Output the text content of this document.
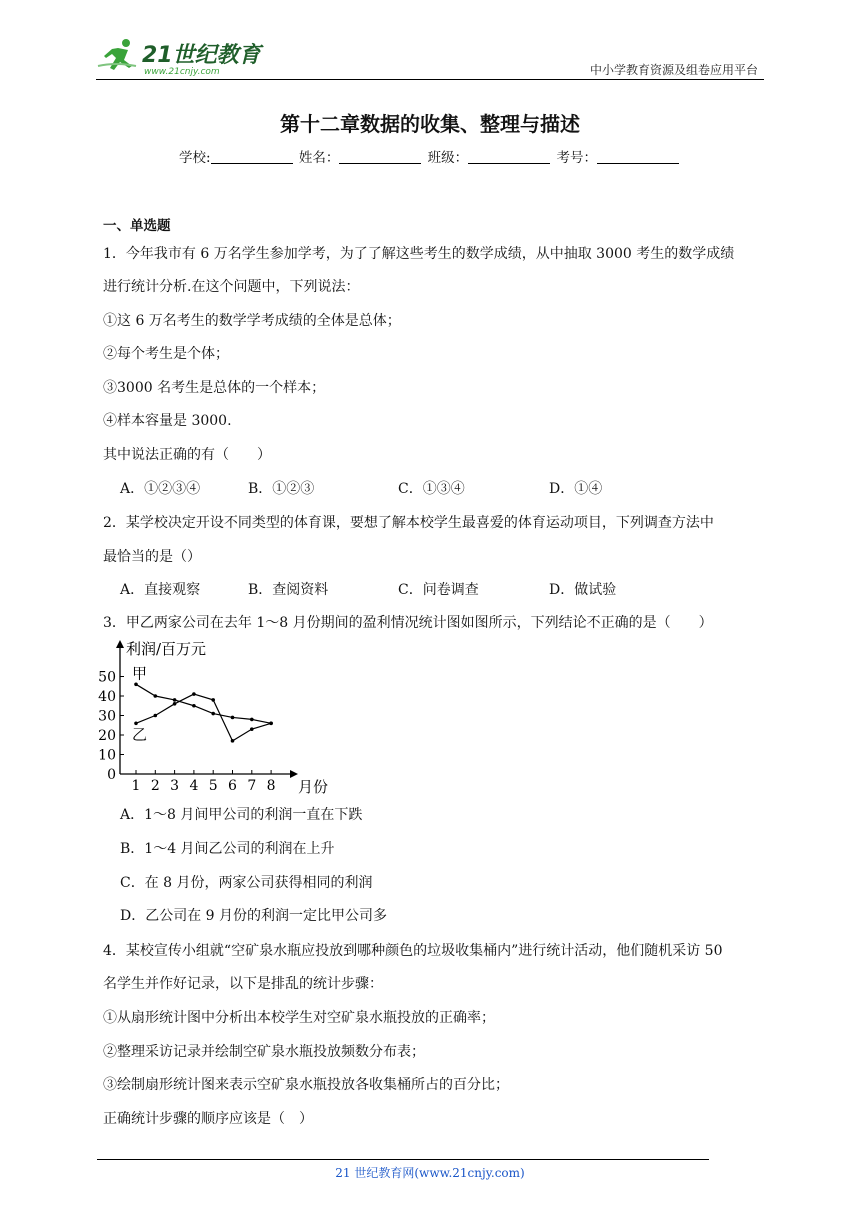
21世纪教育
www.21cnjy.com	中小学教育资源及组卷应用平台
第十二章数据的收集、整理与描述
学校:	姓名：	班级：	考号：
一、单选题
1．今年我市有 6 万名学生参加学考，为了了解这些考生的数学成绩，从中抽取 3000 考生的数学成绩
进行统计分析.在这个问题中，下列说法：
①这 6 万名考生的数学学考成绩的全体是总体；
②每个考生是个体；
③3000 名考生是总体的一个样本；
④样本容量是 3000.
其中说法正确的有（　　）
A．①②③④	B．①②③	C．①③④	D．①④
2．某学校决定开设不同类型的体育课，要想了解本校学生最喜爱的体育运动项目，下列调查方法中
最恰当的是（）
A．直接观察	B．查阅资料	C．问卷调查	D．做试验
3．甲乙两家公司在去年 1～8 月份期间的盈利情况统计图如图所示，下列结论不正确的是（　　）
0
10
20
30
40
50
1 2 3 4 5 6 7 8
甲
乙
利润/百万元
月份
A．1～8 月间甲公司的利润一直在下跌
B．1～4 月间乙公司的利润在上升
C．在 8 月份，两家公司获得相同的利润
D．乙公司在 9 月份的利润一定比甲公司多
4．某校宣传小组就“空矿泉水瓶应投放到哪种颜色的垃圾收集桶内”进行统计活动，他们随机采访 50
名学生并作好记录，以下是排乱的统计步骤：
①从扇形统计图中分析出本校学生对空矿泉水瓶投放的正确率；
②整理采访记录并绘制空矿泉水瓶投放频数分布表；
③绘制扇形统计图来表示空矿泉水瓶投放各收集桶所占的百分比；
正确统计步骤的顺序应该是（　）
21 世纪教育网(www.21cnjy.com)
